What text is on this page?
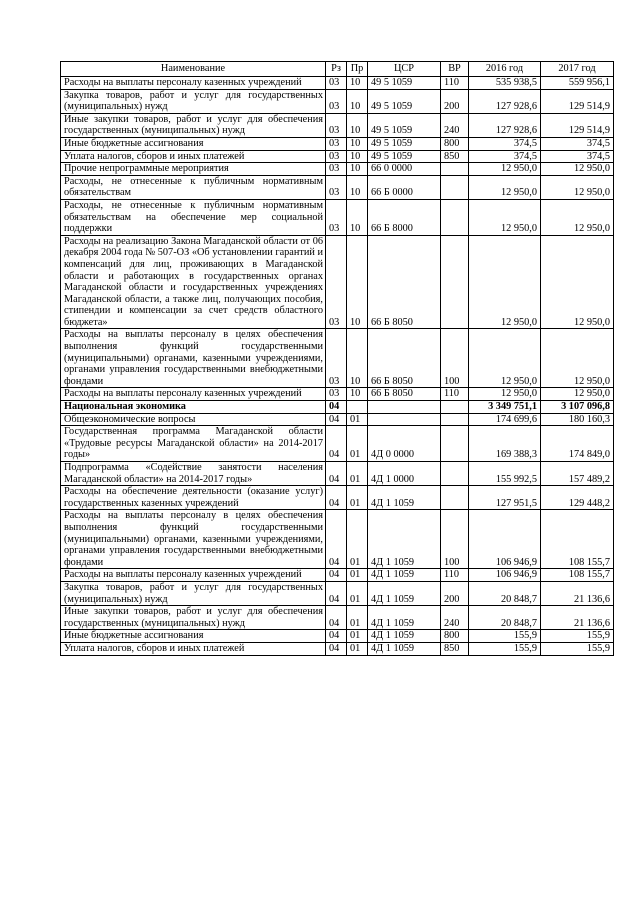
Наименование	Рз	Пр	ЦСР	ВР	2016 год	2017 год
Расходы на выплаты персоналу казенных учреждений	03	10	49 5 1059	110	535 938,5	559 956,1
Закупка товаров, работ и услуг для государственных (муниципальных) нужд	03	10	49 5 1059	200	127 928,6	129 514,9
Иные закупки товаров, работ и услуг для обеспечения государственных (муниципальных) нужд	03	10	49 5 1059	240	127 928,6	129 514,9
Иные бюджетные ассигнования	03	10	49 5 1059	800	374,5	374,5
Уплата налогов, сборов и иных платежей	03	10	49 5 1059	850	374,5	374,5
Прочие непрограммные мероприятия	03	10	66 0 0000		12 950,0	12 950,0
Расходы, не отнесенные к публичным нормативным обязательствам	03	10	66 Б 0000		12 950,0	12 950,0
Расходы, не отнесенные к публичным нормативным обязательствам на обеспечение мер социальной поддержки	03	10	66 Б 8000		12 950,0	12 950,0
Расходы на реализацию Закона Магаданской области от 06 декабря 2004 года № 507-ОЗ «Об установлении гарантий и компенсаций для лиц, проживающих в Магаданской области и работающих в государственных органах Магаданской области и государственных учреждениях Магаданской области, а также лиц, получающих пособия, стипендии и компенсации за счет средств областного бюджета»	03	10	66 Б 8050		12 950,0	12 950,0
Расходы на выплаты персоналу в целях обеспечения выполнения функций государственными (муниципальными) органами, казенными учреждениями, органами управления государственными внебюджетными фондами	03	10	66 Б 8050	100	12 950,0	12 950,0
Расходы на выплаты персоналу казенных учреждений	03	10	66 Б 8050	110	12 950,0	12 950,0
Национальная экономика	04				3 349 751,1	3 107 096,8
Общеэкономические вопросы	04	01			174 699,6	180 160,3
Государственная программа Магаданской области «Трудовые ресурсы Магаданской области» на 2014-2017 годы»	04	01	4Д 0 0000		169 388,3	174 849,0
Подпрограмма «Содействие занятости населения Магаданской области» на 2014-2017 годы»	04	01	4Д 1 0000		155 992,5	157 489,2
Расходы на обеспечение деятельности (оказание услуг) государственных казенных учреждений	04	01	4Д 1 1059		127 951,5	129 448,2
Расходы на выплаты персоналу в целях обеспечения выполнения функций государственными (муниципальными) органами, казенными учреждениями, органами управления государственными внебюджетными фондами	04	01	4Д 1 1059	100	106 946,9	108 155,7
Расходы на выплаты персоналу казенных учреждений	04	01	4Д 1 1059	110	106 946,9	108 155,7
Закупка товаров, работ и услуг для государственных (муниципальных) нужд	04	01	4Д 1 1059	200	20 848,7	21 136,6
Иные закупки товаров, работ и услуг для обеспечения государственных (муниципальных) нужд	04	01	4Д 1 1059	240	20 848,7	21 136,6
Иные бюджетные ассигнования	04	01	4Д 1 1059	800	155,9	155,9
Уплата налогов, сборов и иных платежей	04	01	4Д 1 1059	850	155,9	155,9
